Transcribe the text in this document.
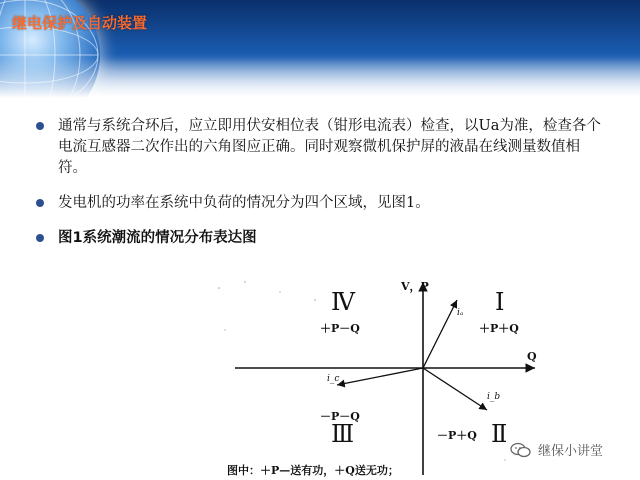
继电保护及自动装置
通常与系统合环后，应立即用伏安相位表（钳形电流表）检查，以Ua为准，检查各个电流互感器二次作出的六角图应正确。同时观察微机保护屏的液晶在线测量数值相符。
发电机的功率在系统中负荷的情况分为四个区域，见图1。
图1系统潮流的情况分布表达图
V，P
Q
Ⅳ
＋P－Q
Ⅰ
＋P＋Q
－P－Q
Ⅲ	－P＋Q Ⅱ
iₐ
i_b
i_c
图中：＋P—送有功，＋Q送无功；
继保小讲堂
